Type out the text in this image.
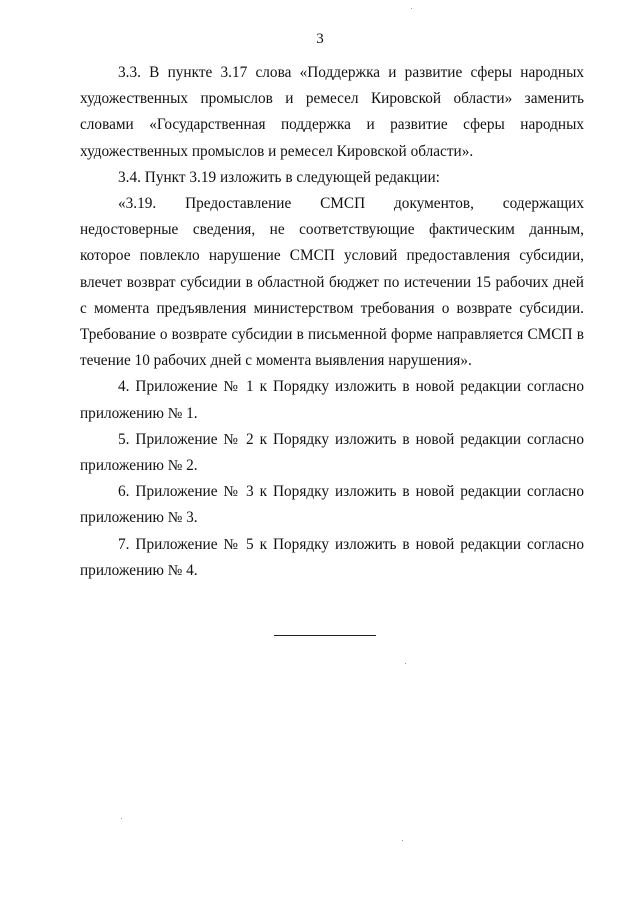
3

3.3. В пункте 3.17 слова «Поддержка и развитие сферы народных художественных промыслов и ремесел Кировской области» заменить словами «Государственная поддержка и развитие сферы народных художественных промыслов и ремесел Кировской области».

3.4. Пункт 3.19 изложить в следующей редакции:

«3.19. Предоставление СМСП документов, содержащих недостоверные сведения, не соответствующие фактическим данным, которое повлекло нарушение СМСП условий предоставления субсидии, влечет возврат субсидии в областной бюджет по истечении 15 рабочих дней с момента предъявления министерством требования о возврате субсидии. Требование о возврате субсидии в письменной форме направляется СМСП в течение 10 рабочих дней с момента выявления нарушения».

4. Приложение № 1 к Порядку изложить в новой редакции согласно приложению № 1.

5. Приложение № 2 к Порядку изложить в новой редакции согласно приложению № 2.

6. Приложение № 3 к Порядку изложить в новой редакции согласно приложению № 3.

7. Приложение № 5 к Порядку изложить в новой редакции согласно приложению № 4.
